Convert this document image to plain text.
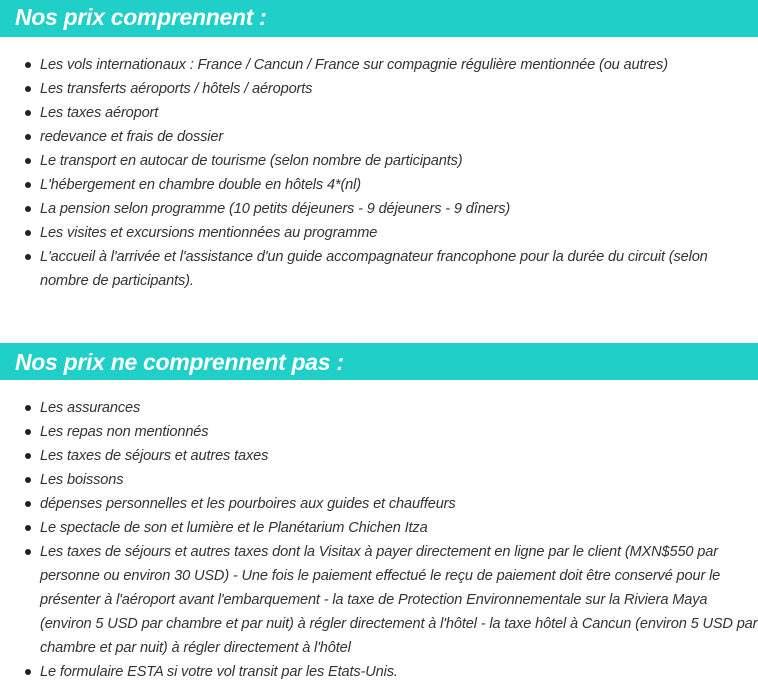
Nos prix comprennent :
Les vols internationaux : France / Cancun / France sur compagnie régulière mentionnée (ou autres)
Les transferts aéroports / hôtels / aéroports
Les taxes aéroport
redevance et frais de dossier
Le transport en autocar de tourisme (selon nombre de participants)
L'hébergement en chambre double en hôtels 4*(nl)
La pension selon programme (10 petits déjeuners - 9 déjeuners - 9 dîners)
Les visites et excursions mentionnées au programme
L'accueil à l'arrivée et l'assistance d'un guide accompagnateur francophone pour la durée du circuit (selon nombre de participants).
Nos prix ne comprennent pas :
Les assurances
Les repas non mentionnés
Les taxes de séjours et autres taxes
Les boissons
dépenses personnelles et les pourboires aux guides et chauffeurs
Le spectacle de son et lumière et le Planétarium Chichen Itza
Les taxes de séjours et autres taxes dont la Visitax à payer directement en ligne par le client (MXN$550 par personne ou environ 30 USD) - Une fois le paiement effectué le reçu de paiement doit être conservé pour le présenter à l'aéroport avant l'embarquement - la taxe de Protection Environnementale sur la Riviera Maya (environ 5 USD par chambre et par nuit) à régler directement à l'hôtel - la taxe hôtel à Cancun (environ 5 USD par chambre et par nuit) à régler directement à l'hôtel
Le formulaire ESTA si votre vol transit par les Etats-Unis.
